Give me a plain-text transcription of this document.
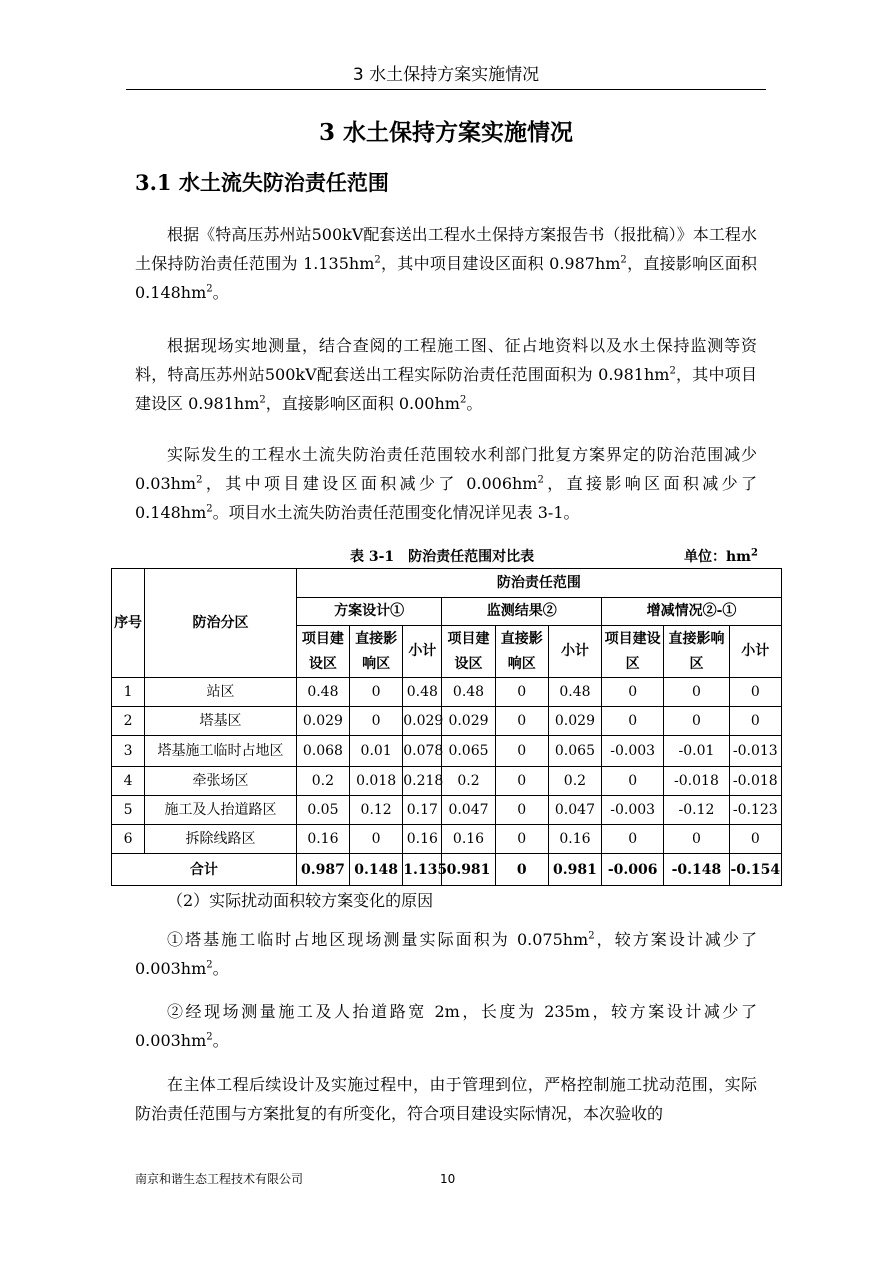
3 水土保持方案实施情况
3 水土保持方案实施情况
3.1 水土流失防治责任范围

根据《特高压苏州站500kV配套送出工程水土保持方案报告书（报批稿）》本工程水土保持防治责任范围为 $1.135hm^2$，其中项目建设区面积 $0.987hm^2$，直接影响区面积 $0.148hm^2$。

根据现场实地测量，结合查阅的工程施工图、征占地资料以及水土保持监测等资料，特高压苏州站500kV配套送出工程实际防治责任范围面积为 $0.981hm^2$，其中项目建设区 $0.981hm^2$，直接影响区面积 $0.00hm^2$。

实际发生的工程水土流失防治责任范围较水利部门批复方案界定的防治范围减少 $0.03hm^2$，其中项目建设区面积减少了 $0.006hm^2$，直接影响区面积减少了 $0.148hm^2$。项目水土流失防治责任范围变化情况详见表 3-1。

表 3-1　防治责任范围对比表	单位：$hm^2$
序号	防治分区	防治责任范围								
		方案设计①			监测结果②			增减情况②-①		
		项目建设区	直接影响区	小计	项目建设区	直接影响区	小计	项目建设区	直接影响区	小计
1	站区	0.48	0	0.48	0.48	0	0.48	0	0	0
2	塔基区	0.029	0	0.029	0.029	0	0.029	0	0	0
3	塔基施工临时占地区	0.068	0.01	0.078	0.065	0	0.065	-0.003	-0.01	-0.013
4	牵张场区	0.2	0.018	0.218	0.2	0	0.2	0	-0.018	-0.018
5	施工及人抬道路区	0.05	0.12	0.17	0.047	0	0.047	-0.003	-0.12	-0.123
6	拆除线路区	0.16	0	0.16	0.16	0	0.16	0	0	0
合计		0.987	0.148	1.135	0.981	0	0.981	-0.006	-0.148	-0.154

（2）实际扰动面积较方案变化的原因

①塔基施工临时占地区现场测量实际面积为 $0.075hm^2$，较方案设计减少了 $0.003hm^2$。

②经现场测量施工及人抬道路宽 2m，长度为 235m，较方案设计减少了 $0.003hm^2$。

在主体工程后续设计及实施过程中，由于管理到位，严格控制施工扰动范围，实际防治责任范围与方案批复的有所变化，符合项目建设实际情况，本次验收的

南京和谐生态工程技术有限公司	10
